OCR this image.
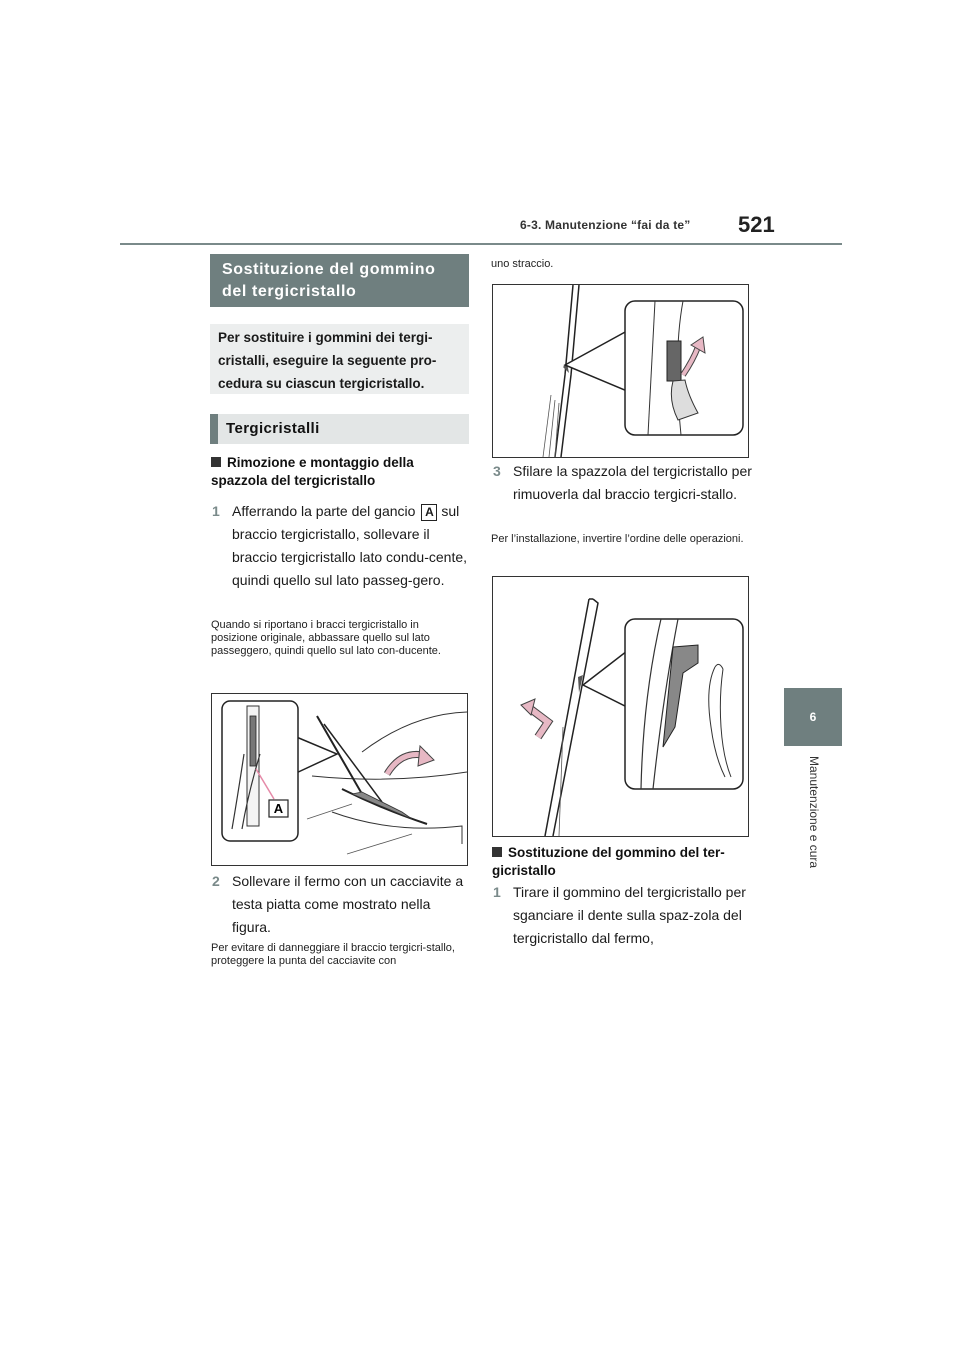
6-3. Manutenzione “fai da te” 521
6
Manutenzione e cura
Sostituzione del gommino del tergicristallo
Per sostituire i gommini dei tergi-cristalli, eseguire la seguente pro-cedura su ciascun tergicristallo.
Tergicristalli
Rimozione e montaggio della spazzola del tergicristallo
1 Afferrando la parte del gancio A sul braccio tergicristallo, sollevare il braccio tergicristallo lato condu-cente, quindi quello sul lato passeg-gero.
Quando si riportano i bracci tergicristallo in posizione originale, abbassare quello sul lato passeggero, quindi quello sul lato con-ducente.
A
2 Sollevare il fermo con un cacciavite a testa piatta come mostrato nella figura.
Per evitare di danneggiare il braccio tergicri-stallo, proteggere la punta del cacciavite con
uno straccio.
3 Sfilare la spazzola del tergicristallo per rimuoverla dal braccio tergicri-stallo.
Per l’installazione, invertire l’ordine delle operazioni.
Sostituzione del gommino del ter-gicristallo
1 Tirare il gommino del tergicristallo per sganciare il dente sulla spaz-zola del tergicristallo dal fermo,
